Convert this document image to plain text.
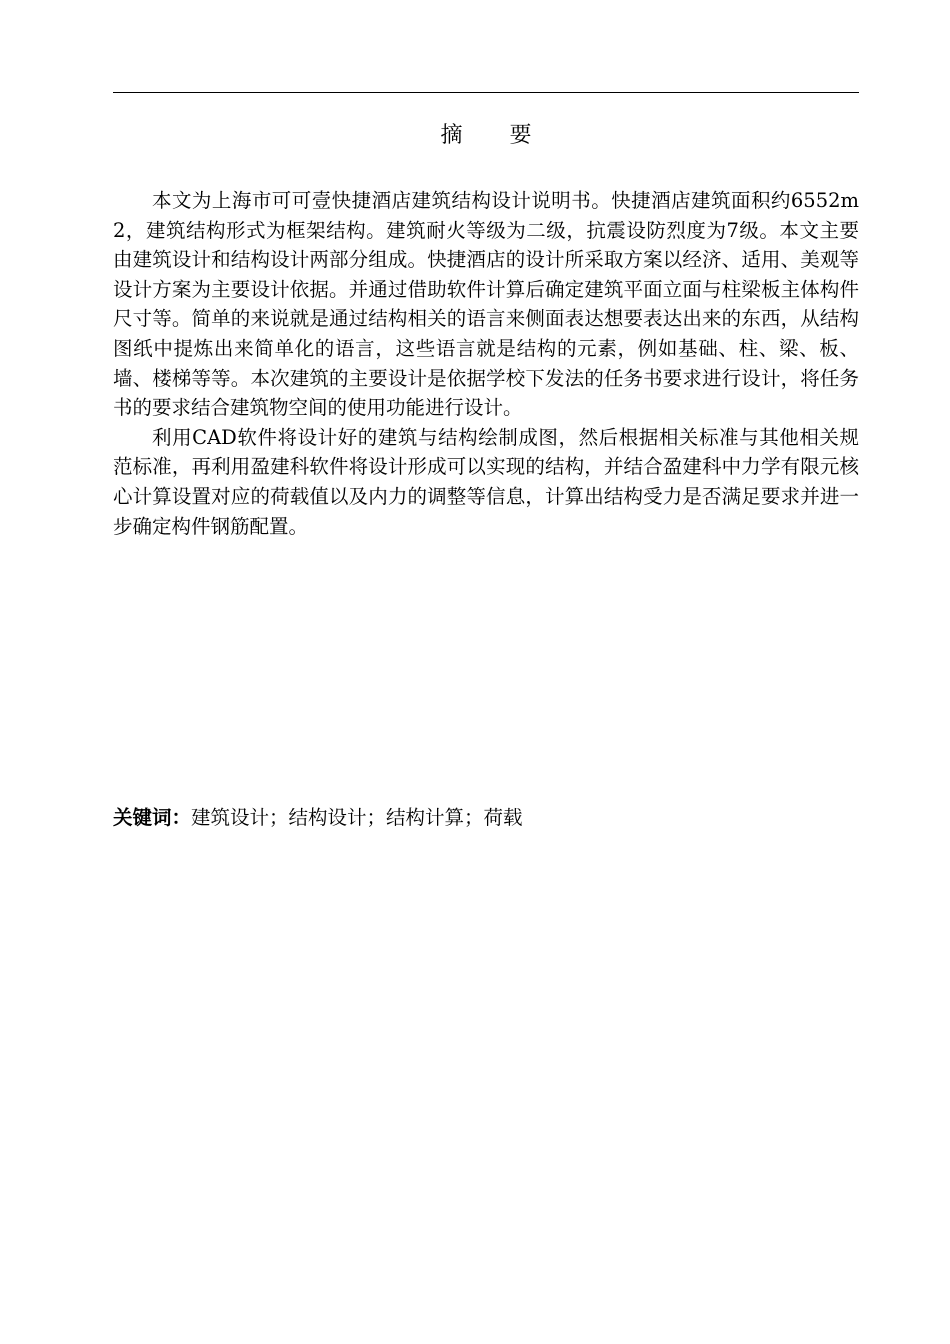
摘 要

本文为上海市可可壹快捷酒店建筑结构设计说明书。快捷酒店建筑面积约6552m2，建筑结构形式为框架结构。建筑耐火等级为二级，抗震设防烈度为7级。本文主要由建筑设计和结构设计两部分组成。快捷酒店的设计所采取方案以经济、适用、美观等设计方案为主要设计依据。并通过借助软件计算后确定建筑平面立面与柱梁板主体构件尺寸等。简单的来说就是通过结构相关的语言来侧面表达想要表达出来的东西，从结构图纸中提炼出来简单化的语言，这些语言就是结构的元素，例如基础、柱、梁、板、墙、楼梯等等。本次建筑的主要设计是依据学校下发法的任务书要求进行设计，将任务书的要求结合建筑物空间的使用功能进行设计。

利用CAD软件将设计好的建筑与结构绘制成图，然后根据相关标准与其他相关规范标准，再利用盈建科软件将设计形成可以实现的结构，并结合盈建科中力学有限元核心计算设置对应的荷载值以及内力的调整等信息，计算出结构受力是否满足要求并进一步确定构件钢筋配置。

关键词：建筑设计；结构设计；结构计算；荷载
